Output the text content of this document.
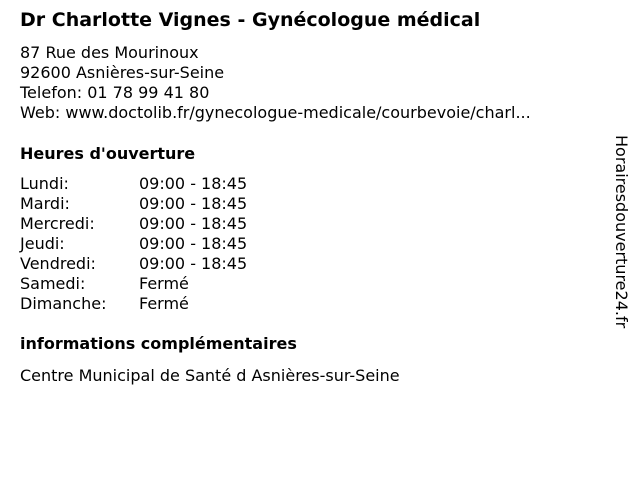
Dr Charlotte Vignes - Gynécologue médical
87 Rue des Mourinoux
92600 Asnières-sur-Seine
Telefon: 01 78 99 41 80
Web: www.doctolib.fr/gynecologue-medicale/courbevoie/charl...
Heures d'ouverture
Lundi:	09:00 - 18:45
Mardi:	09:00 - 18:45
Mercredi:	09:00 - 18:45
Jeudi:	09:00 - 18:45
Vendredi:	09:00 - 18:45
Samedi:	Fermé
Dimanche:	Fermé
informations complémentaires
Centre Municipal de Santé d Asnières-sur-Seine
Horairesdouverture24.fr
